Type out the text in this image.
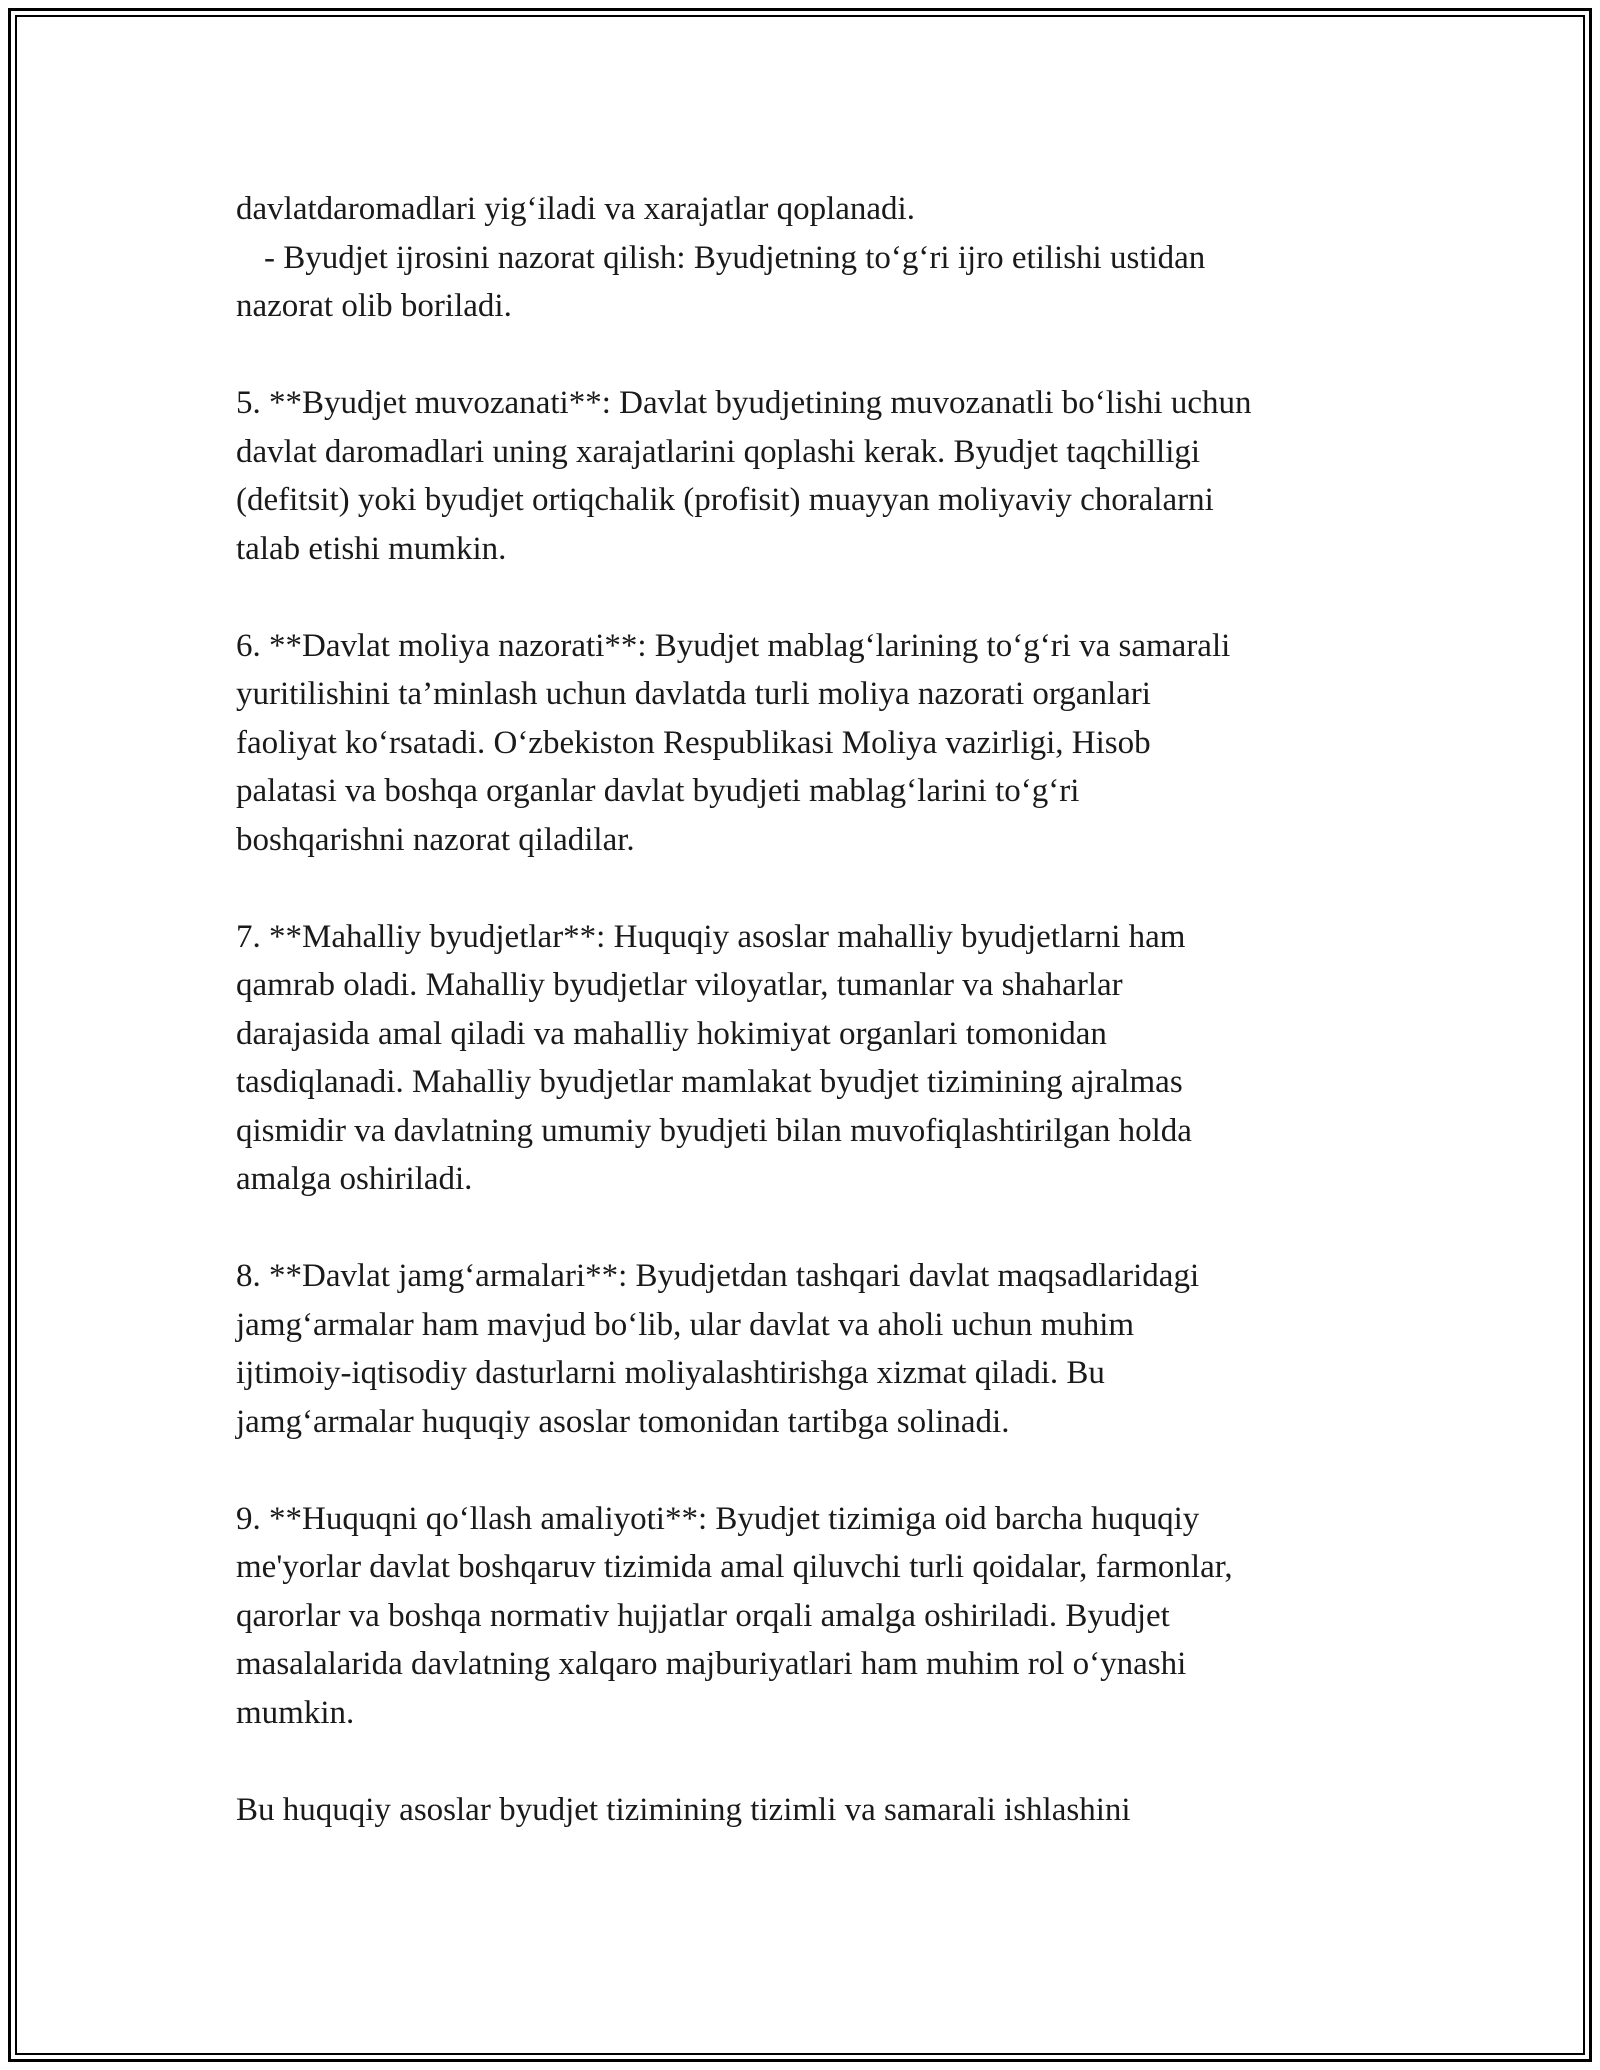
davlatdaromadlari yig‘iladi va xarajatlar qoplanadi.
- Byudjet ijrosini nazorat qilish: Byudjetning to‘g‘ri ijro etilishi ustidan
nazorat olib boriladi.
5. **Byudjet muvozanati**: Davlat byudjetining muvozanatli bo‘lishi uchun
davlat daromadlari uning xarajatlarini qoplashi kerak. Byudjet taqchilligi
(defitsit) yoki byudjet ortiqchalik (profisit) muayyan moliyaviy choralarni
talab etishi mumkin.
6. **Davlat moliya nazorati**: Byudjet mablag‘larining to‘g‘ri va samarali
yuritilishini ta’minlash uchun davlatda turli moliya nazorati organlari
faoliyat ko‘rsatadi. O‘zbekiston Respublikasi Moliya vazirligi, Hisob
palatasi va boshqa organlar davlat byudjeti mablag‘larini to‘g‘ri
boshqarishni nazorat qiladilar.
7. **Mahalliy byudjetlar**: Huquqiy asoslar mahalliy byudjetlarni ham
qamrab oladi. Mahalliy byudjetlar viloyatlar, tumanlar va shaharlar
darajasida amal qiladi va mahalliy hokimiyat organlari tomonidan
tasdiqlanadi. Mahalliy byudjetlar mamlakat byudjet tizimining ajralmas
qismidir va davlatning umumiy byudjeti bilan muvofiqlashtirilgan holda
amalga oshiriladi.
8. **Davlat jamg‘armalari**: Byudjetdan tashqari davlat maqsadlaridagi
jamg‘armalar ham mavjud bo‘lib, ular davlat va aholi uchun muhim
ijtimoiy-iqtisodiy dasturlarni moliyalashtirishga xizmat qiladi. Bu
jamg‘armalar huquqiy asoslar tomonidan tartibga solinadi.
9. **Huquqni qo‘llash amaliyoti**: Byudjet tizimiga oid barcha huquqiy
me'yorlar davlat boshqaruv tizimida amal qiluvchi turli qoidalar, farmonlar,
qarorlar va boshqa normativ hujjatlar orqali amalga oshiriladi. Byudjet
masalalarida davlatning xalqaro majburiyatlari ham muhim rol o‘ynashi
mumkin.
Bu huquqiy asoslar byudjet tizimining tizimli va samarali ishlashini
